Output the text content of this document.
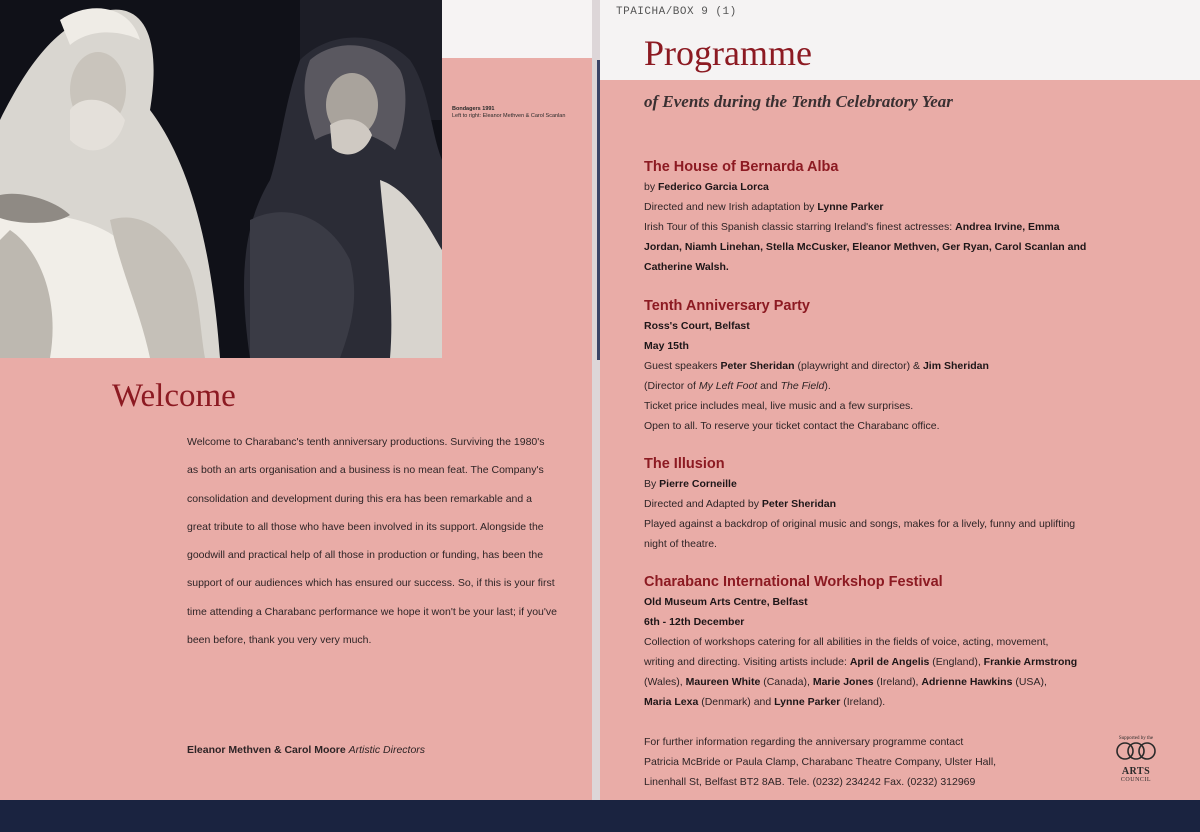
Bondagers 1991
Left to right: Eleanor Methven & Carol Scanlan
Welcome

Welcome to Charabanc's tenth anniversary productions. Surviving the 1980's as both an arts organisation and a business is no mean feat. The Company's consolidation and development during this era has been remarkable and a great tribute to all those who have been involved in its support. Alongside the goodwill and practical help of all those in production or funding, has been the support of our audiences which has ensured our success. So, if this is your first time attending a Charabanc performance we hope it won't be your last; if you've been before, thank you very very much.

Eleanor Methven & Carol Moore Artistic Directors
TPAICHA/BOX 9 (1)
Programme
of Events during the Tenth Celebratory Year
The House of Bernarda Alba
by Federico Garcia Lorca
Directed and new Irish adaptation by Lynne Parker
Irish Tour of this Spanish classic starring Ireland's finest actresses: Andrea Irvine, Emma
Jordan, Niamh Linehan, Stella McCusker, Eleanor Methven, Ger Ryan, Carol Scanlan and
Catherine Walsh.
Tenth Anniversary Party
Ross's Court, Belfast
May 15th
Guest speakers Peter Sheridan (playwright and director) & Jim Sheridan
(Director of My Left Foot and The Field).
Ticket price includes meal, live music and a few surprises.
Open to all. To reserve your ticket contact the Charabanc office.
The Illusion
By Pierre Corneille
Directed and Adapted by Peter Sheridan
Played against a backdrop of original music and songs, makes for a lively, funny and uplifting
night of theatre.
Charabanc International Workshop Festival
Old Museum Arts Centre, Belfast
6th - 12th December
Collection of workshops catering for all abilities in the fields of voice, acting, movement,
writing and directing. Visiting artists include: April de Angelis (England), Frankie Armstrong
(Wales), Maureen White (Canada), Marie Jones (Ireland), Adrienne Hawkins (USA),
Maria Lexa (Denmark) and Lynne Parker (Ireland).
For further information regarding the anniversary programme contact
Patricia McBride or Paula Clamp, Charabanc Theatre Company, Ulster Hall,
Linenhall St, Belfast BT2 8AB. Tele. (0232) 234242 Fax. (0232) 312969
Supported by the
ARTS
COUNCIL
